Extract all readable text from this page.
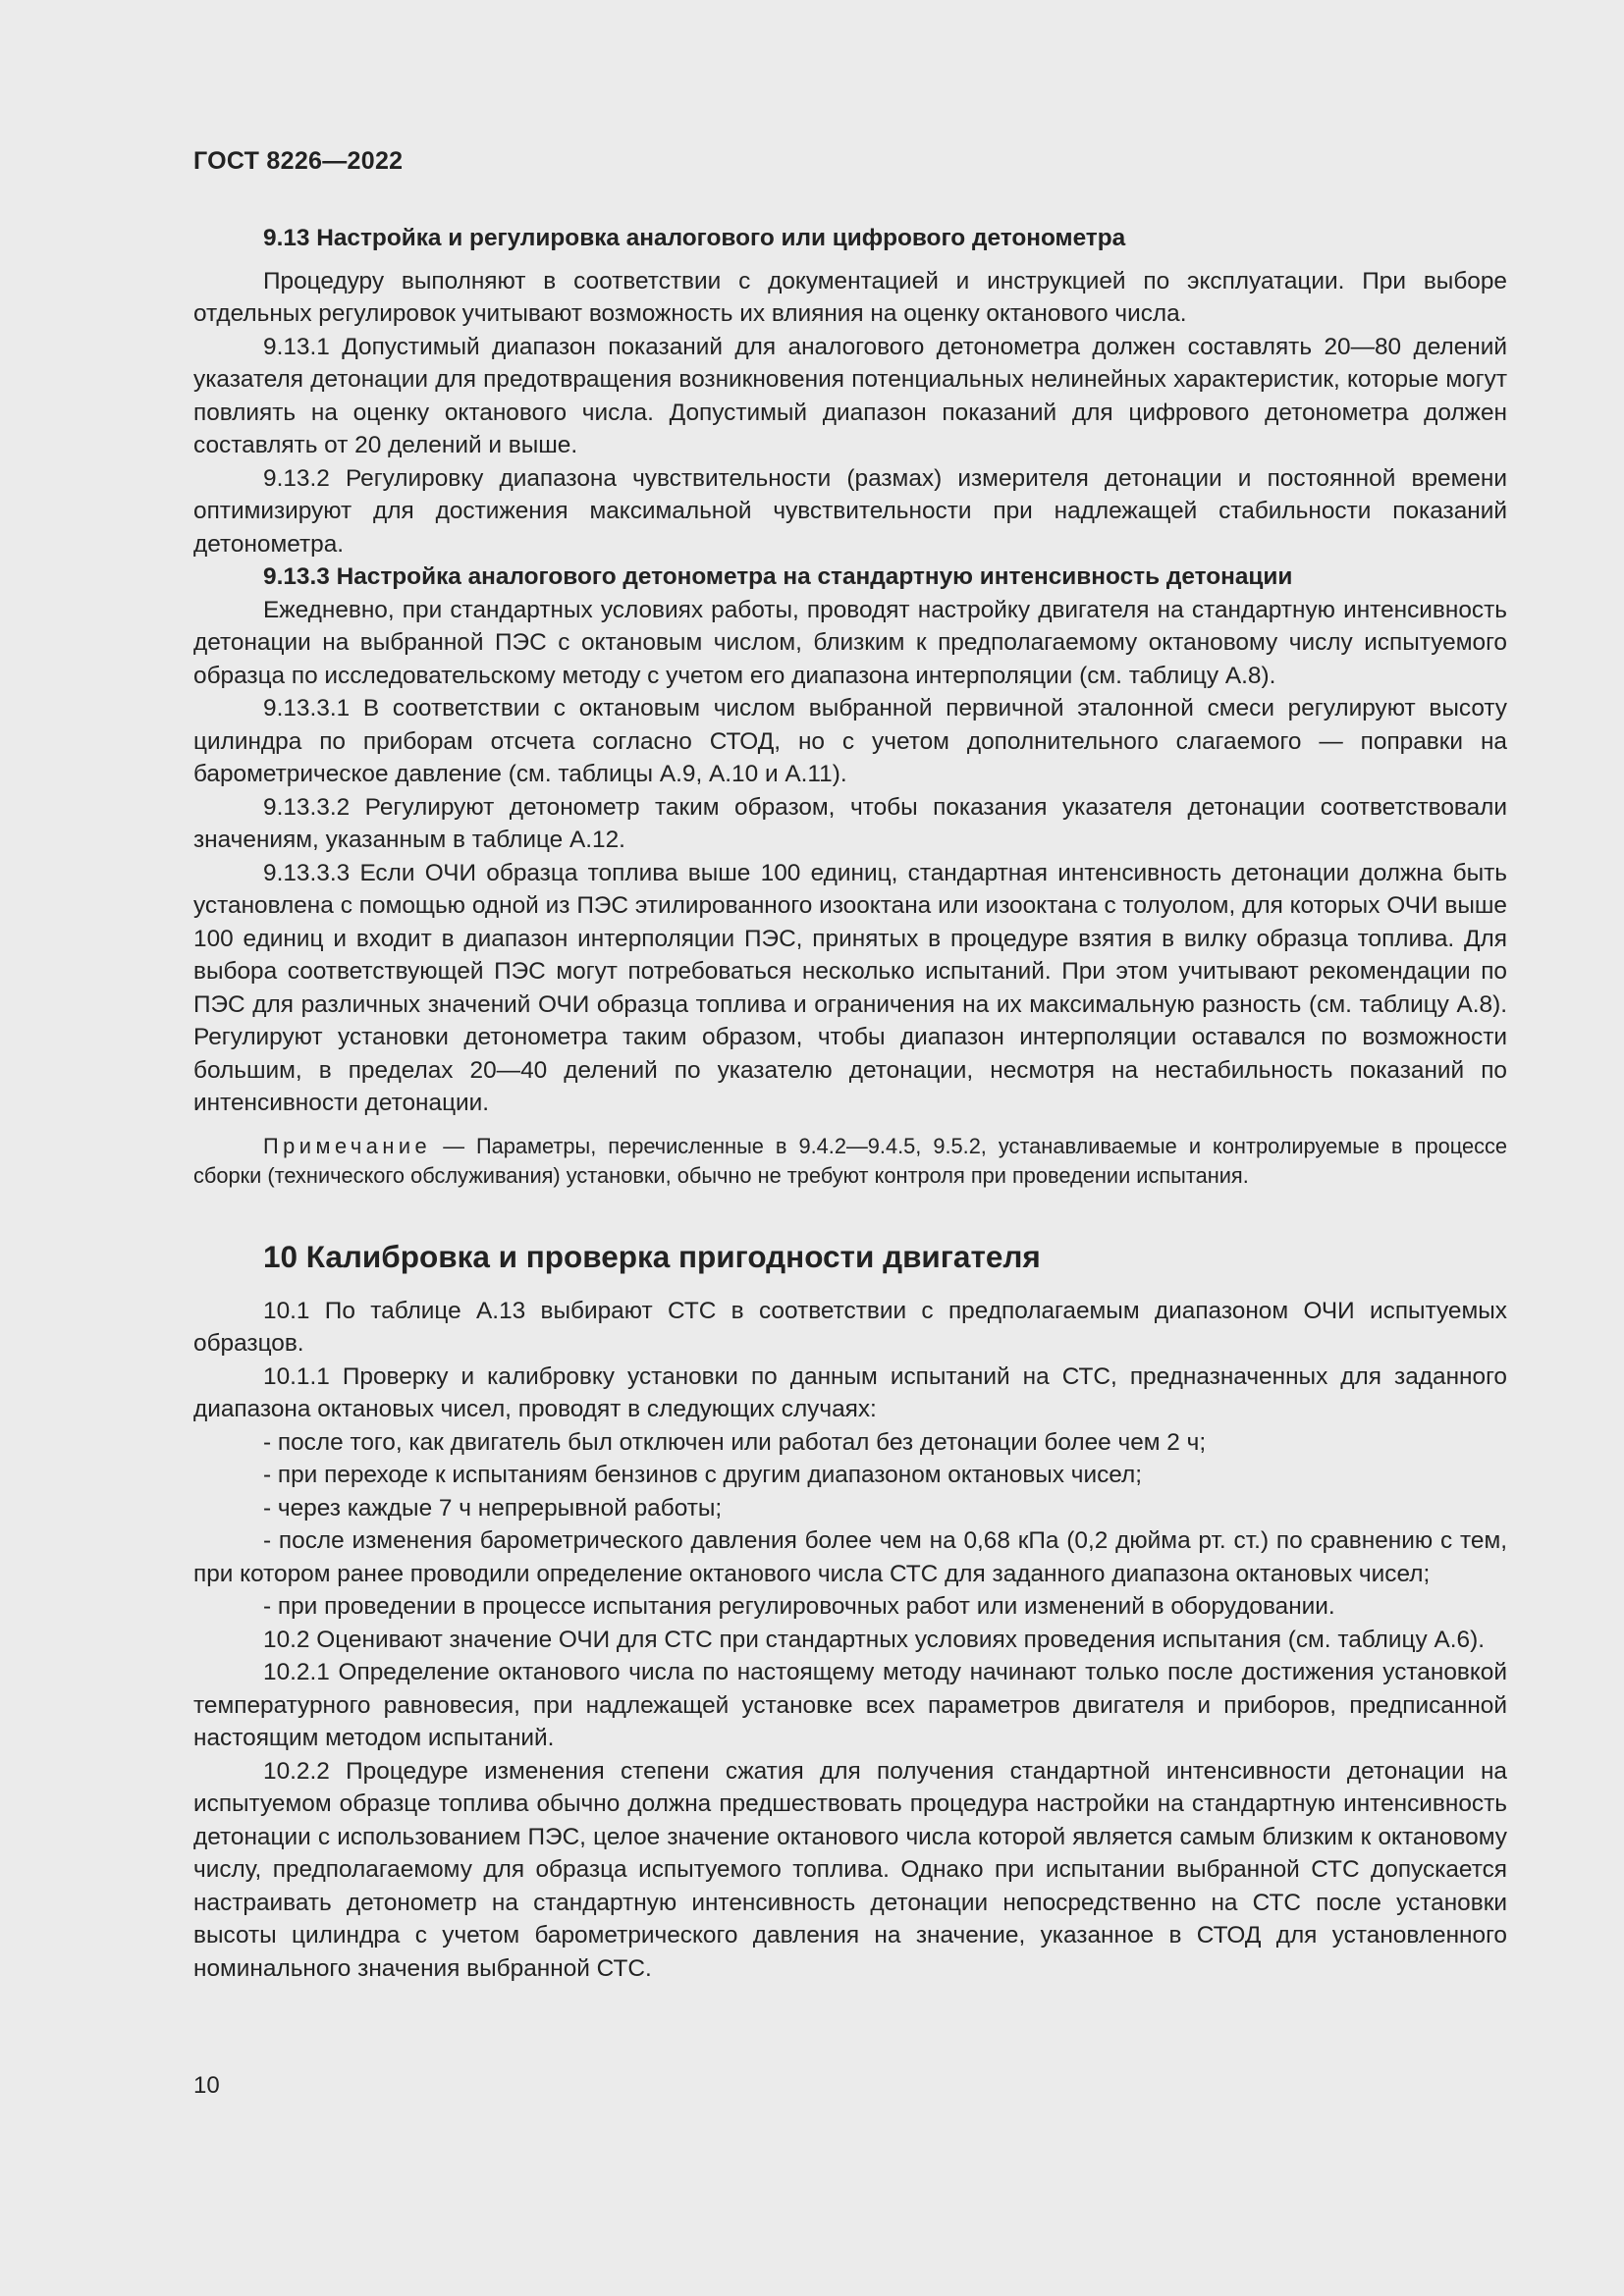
ГОСТ 8226—2022

9.13 Настройка и регулировка аналогового или цифрового детонометра

Процедуру выполняют в соответствии с документацией и инструкцией по эксплуатации. При выборе отдельных регулировок учитывают возможность их влияния на оценку октанового числа.

9.13.1 Допустимый диапазон показаний для аналогового детонометра должен составлять 20—80 делений указателя детонации для предотвращения возникновения потенциальных нелинейных характеристик, которые могут повлиять на оценку октанового числа. Допустимый диапазон показаний для цифрового детонометра должен составлять от 20 делений и выше.

9.13.2 Регулировку диапазона чувствительности (размах) измерителя детонации и постоянной времени оптимизируют для достижения максимальной чувствительности при надлежащей стабильности показаний детонометра.

9.13.3 Настройка аналогового детонометра на стандартную интенсивность детонации

Ежедневно, при стандартных условиях работы, проводят настройку двигателя на стандартную интенсивность детонации на выбранной ПЭС с октановым числом, близким к предполагаемому октановому числу испытуемого образца по исследовательскому методу с учетом его диапазона интерполяции (см. таблицу А.8).

9.13.3.1 В соответствии с октановым числом выбранной первичной эталонной смеси регулируют высоту цилиндра по приборам отсчета согласно СТОД, но с учетом дополнительного слагаемого — поправки на барометрическое давление (см. таблицы А.9, А.10 и А.11).

9.13.3.2 Регулируют детонометр таким образом, чтобы показания указателя детонации соответствовали значениям, указанным в таблице А.12.

9.13.3.3 Если ОЧИ образца топлива выше 100 единиц, стандартная интенсивность детонации должна быть установлена с помощью одной из ПЭС этилированного изооктана или изооктана с толуолом, для которых ОЧИ выше 100 единиц и входит в диапазон интерполяции ПЭС, принятых в процедуре взятия в вилку образца топлива. Для выбора соответствующей ПЭС могут потребоваться несколько испытаний. При этом учитывают рекомендации по ПЭС для различных значений ОЧИ образца топлива и ограничения на их максимальную разность (см. таблицу А.8). Регулируют установки детонометра таким образом, чтобы диапазон интерполяции оставался по возможности большим, в пределах 20—40 делений по указателю детонации, несмотря на нестабильность показаний по интенсивности детонации.

Примечание — Параметры, перечисленные в 9.4.2—9.4.5, 9.5.2, устанавливаемые и контролируемые в процессе сборки (технического обслуживания) установки, обычно не требуют контроля при проведении испытания.

10 Калибровка и проверка пригодности двигателя

10.1 По таблице А.13 выбирают СТС в соответствии с предполагаемым диапазоном ОЧИ испытуемых образцов.

10.1.1 Проверку и калибровку установки по данным испытаний на СТС, предназначенных для заданного диапазона октановых чисел, проводят в следующих случаях:

- после того, как двигатель был отключен или работал без детонации более чем 2 ч;

- при переходе к испытаниям бензинов с другим диапазоном октановых чисел;

- через каждые 7 ч непрерывной работы;

- после изменения барометрического давления более чем на 0,68 кПа (0,2 дюйма рт. ст.) по сравнению с тем, при котором ранее проводили определение октанового числа СТС для заданного диапазона октановых чисел;

- при проведении в процессе испытания регулировочных работ или изменений в оборудовании.

10.2 Оценивают значение ОЧИ для СТС при стандартных условиях проведения испытания (см. таблицу А.6).

10.2.1 Определение октанового числа по настоящему методу начинают только после достижения установкой температурного равновесия, при надлежащей установке всех параметров двигателя и приборов, предписанной настоящим методом испытаний.

10.2.2 Процедуре изменения степени сжатия для получения стандартной интенсивности детонации на испытуемом образце топлива обычно должна предшествовать процедура настройки на стандартную интенсивность детонации с использованием ПЭС, целое значение октанового числа которой является самым близким к октановому числу, предполагаемому для образца испытуемого топлива. Однако при испытании выбранной СТС допускается настраивать детонометр на стандартную интенсивность детонации непосредственно на СТС после установки высоты цилиндра с учетом барометрического давления на значение, указанное в СТОД для установленного номинального значения выбранной СТС.

10
